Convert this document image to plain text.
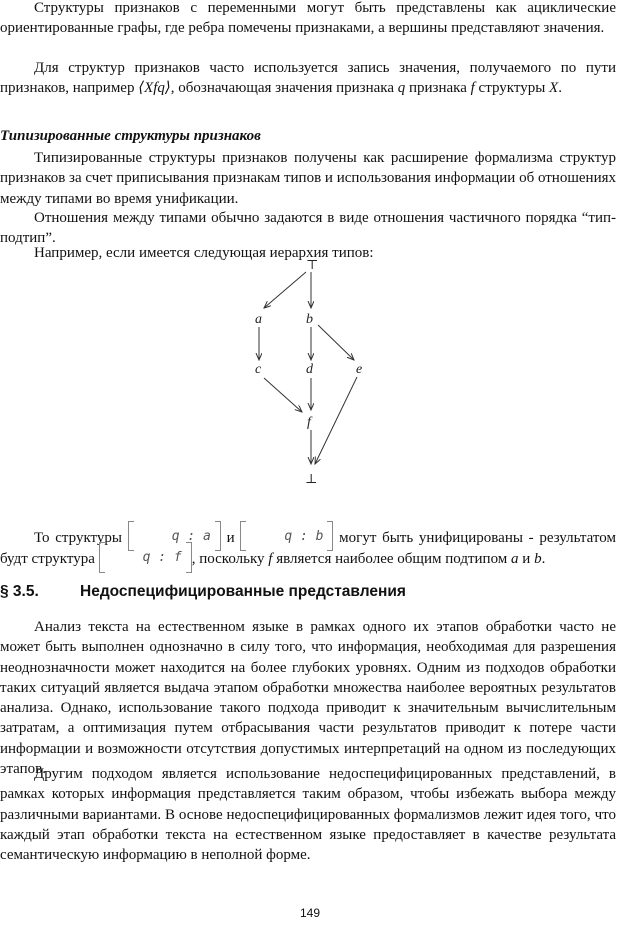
Структуры признаков с переменными могут быть представлены как ациклические ориентированные графы, где ребра помечены признаками, а вершины представляют значения.

Для структур признаков часто используется запись значения, получаемого по пути признаков, например ⟨Xfq⟩, обозначающая значения признака q признака f структуры X.

Типизированные структуры признаков

Типизированные структуры признаков получены как расширение формализма структур признаков за счет приписывания признакам типов и использования информации об отношениях между типами во время унификации.

Отношения между типами обычно задаются в виде отношения частичного порядка “тип-подтип”.

Например, если имеется следующая иерархия типов:

⊤
a	b
c	d	e
f
⊥

То структуры	q : a и	q : b могут быть унифицированы - результатом будт структура	q : f , поскольку f является наиболее общим подтипом a и b.

§ 3.5.	Недоспецифицированные представления

Анализ текста на естественном языке в рамках одного их этапов обработки часто не может быть выполнен однозначно в силу того, что информация, необходимая для разрешения неоднозначности может находится на более глубоких уровнях. Одним из подходов обработки таких ситуаций является выдача этапом обработки множества наиболее вероятных результатов анализа. Однако, использование такого подхода приводит к значительным вычислительным затратам, а оптимизация путем отбрасывания части результатов приводит к потере части информации и возможности отсутствия допустимых интерпретаций на одном из последующих этапов.

Другим подходом является использование недоспецифицированных представлений, в рамках которых информация представляется таким образом, чтобы избежать выбора между различными вариантами. В основе недоспецифицированных формализмов лежит идея того, что каждый этап обработки текста на естественном языке предоставляет в качестве результата семантическую информацию в неполной форме.

149
